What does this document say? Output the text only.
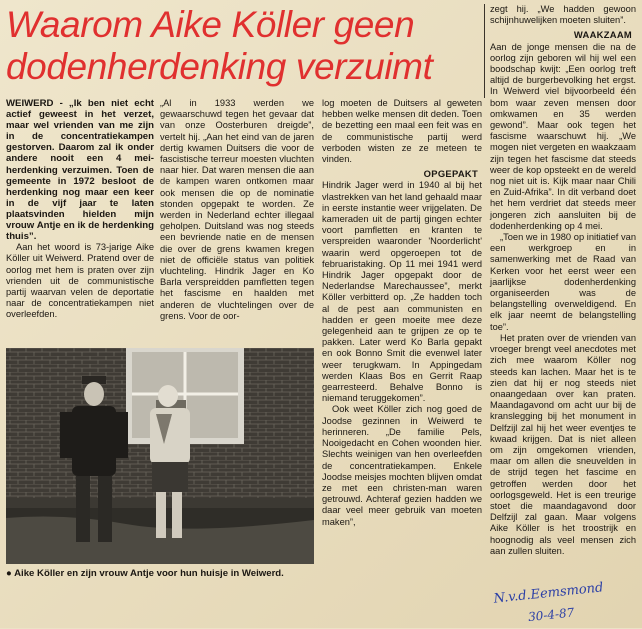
Waarom Aike Köller geen
dodenherdenking verzuimt

WEIWERD - „Ik ben niet echt actief geweest in het verzet, maar wel vrienden van me zijn in de concentratiekampen gestorven. Daarom zal ik onder andere nooit een 4 mei-herdenking verzuimen. Toen de gemeente in 1972 besloot de herdenking nog maar een keer in de vijf jaar te laten plaatsvinden hielden mijn vrouw Antje en ik de herdenking thuis”.

Aan het woord is 73-jarige Aike Köller uit Weiwerd. Pratend over de oorlog met hem is praten over zijn vrienden uit de communistische partij waarvan velen de deportatie naar de concentratiekampen niet overleefden.

„Al in 1933 werden we gewaarschuwd tegen het gevaar dat van onze Oosterburen dreigde”, vertelt hij. „Aan het eind van de jaren dertig kwamen Duitsers die voor de fascistische terreur moesten vluchten naar hier. Dat waren mensen die aan de kampen waren ontkomen maar ook mensen die op de nominatie stonden opgepakt te worden. Ze werden in Nederland echter illegaal geholpen. Duitsland was nog steeds een bevriende natie en de mensen die over de grens kwamen kregen niet de officiële status van politiek vluchteling. Hindrik Jager en Ko Barla verspreidden pamfletten tegen het fascisme en haalden met anderen de vluchtelingen over de grens. Voor de oor-

log moeten de Duitsers al geweten hebben welke mensen dit deden. Toen de bezetting een maal een feit was en de communistische partij werd verboden wisten ze ze meteen te vinden.

OPGEPAKT

Hindrik Jager werd in 1940 al bij het vlastrekken van het land gehaald maar in eerste instantie weer vrijgelaten. De kameraden uit de partij gingen echter voort pamfletten en kranten te verspreiden waaronder 'Noorderlicht' waarin werd opgeroepen tot de februaristaking. Op 11 mei 1941 werd Hindrik Jager opgepakt door de Nederlandse Marechaussee”, merkt Köller verbitterd op. „Ze hadden toch al de pest aan communisten en hadden er geen moeite mee deze gelegenheid aan te grijpen ze op te pakken. Later werd Ko Barla gepakt en ook Bonno Smit die evenwel later weer terugkwam. In Appingedam werden Klaas Bos en Gerrit Raap gearresteerd. Behalve Bonno is niemand teruggekomen”.

Ook weet Köller zich nog goed de Joodse gezinnen in Weiwerd te herinneren. „De familie Pels, Nooigedacht en Cohen woonden hier. Slechts weinigen van hen overleefden de concentratiekampen. Enkele Joodse meisjes mochten blijven omdat ze met een christen-man waren getrouwd. Achteraf gezien hadden we daar veel meer gebruik van moeten maken”,

zegt hij. „We hadden gewoon schijnhuwelijken moeten sluiten”.

WAAKZAAM

Aan de jonge mensen die na de oorlog zijn geboren wil hij wel een boodschap kwijt: „Een oorlog treft altijd de burgerbevolking het ergst. In Weiwerd viel bijvoorbeeld één bom waar zeven mensen door omkwamen en 35 werden gewond”. Maar ook tegen het fascisme waarschuwt hij. „We mogen niet vergeten en waakzaam zijn tegen het fascisme dat steeds weer de kop opsteekt en de wereld nog niet uit is. Kijk maar naar Chili en Zuid-Afrika”. In dit verband doet het hem verdriet dat steeds meer jongeren zich aansluiten bij de dodenherdenking op 4 mei.

„Toen we in 1980 op initiatief van een werkgroep en in samenwerking met de Raad van Kerken voor het eerst weer een jaarlijkse dodenherdenking organiseerden was de belangstelling overweldigend. En elk jaar neemt de belangstelling toe”.

Het praten over de vrienden van vroeger brengt veel anecdotes met zich mee waarom Köller nog steeds kan lachen. Maar het is te zien dat hij er nog steeds niet onaangedaan over kan praten. Maandagavond om acht uur bij de kranslegging bij het monument in Delfzijl zal hij het weer eventjes te kwaad krijgen. Dat is niet alleen om zijn omgekomen vrienden, maar om allen die sneuvelden in de strijd tegen het fascime en getroffen werden door het oorlogsgeweld. Het is een treurige stoet die maandagavond door Delfzijl zal gaan. Maar volgens Aike Köller is het troostrijk en hoognodig als veel mensen zich aan zullen sluiten.

● Aike Köller en zijn vrouw Antje voor hun huisje in Weiwerd.
N.v.d.Eemsmond
30-4-87
